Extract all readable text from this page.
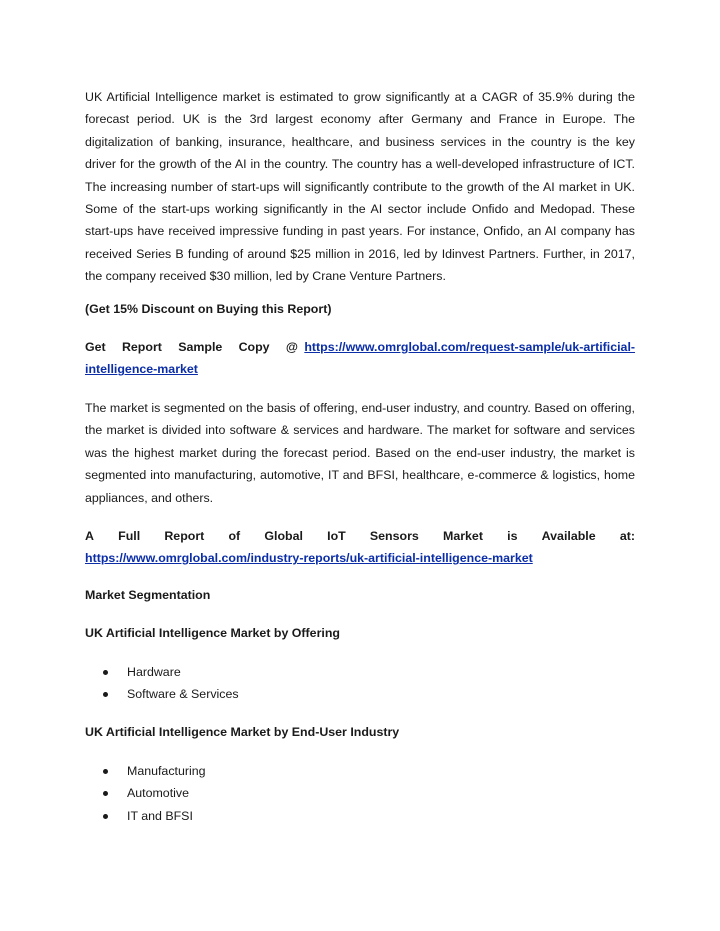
UK Artificial Intelligence market is estimated to grow significantly at a CAGR of 35.9% during the forecast period. UK is the 3rd largest economy after Germany and France in Europe. The digitalization of banking, insurance, healthcare, and business services in the country is the key driver for the growth of the AI in the country. The country has a well-developed infrastructure of ICT. The increasing number of start-ups will significantly contribute to the growth of the AI market in UK. Some of the start-ups working significantly in the AI sector include Onfido and Medopad. These start-ups have received impressive funding in past years. For instance, Onfido, an AI company has received Series B funding of around $25 million in 2016, led by Idinvest Partners. Further, in 2017, the company received $30 million, led by Crane Venture Partners.

(Get 15% Discount on Buying this Report)

Get Report Sample Copy @ https://www.omrglobal.com/request-sample/uk-artificial-intelligence-market

The market is segmented on the basis of offering, end-user industry, and country. Based on offering, the market is divided into software & services and hardware. The market for software and services was the highest market during the forecast period. Based on the end-user industry, the market is segmented into manufacturing, automotive, IT and BFSI, healthcare, e-commerce & logistics, home appliances, and others.

A Full Report of Global IoT Sensors Market is Available at:
https://www.omrglobal.com/industry-reports/uk-artificial-intelligence-market

Market Segmentation

UK Artificial Intelligence Market by Offering

Hardware
Software & Services

UK Artificial Intelligence Market by End-User Industry

Manufacturing
Automotive
IT and BFSI
